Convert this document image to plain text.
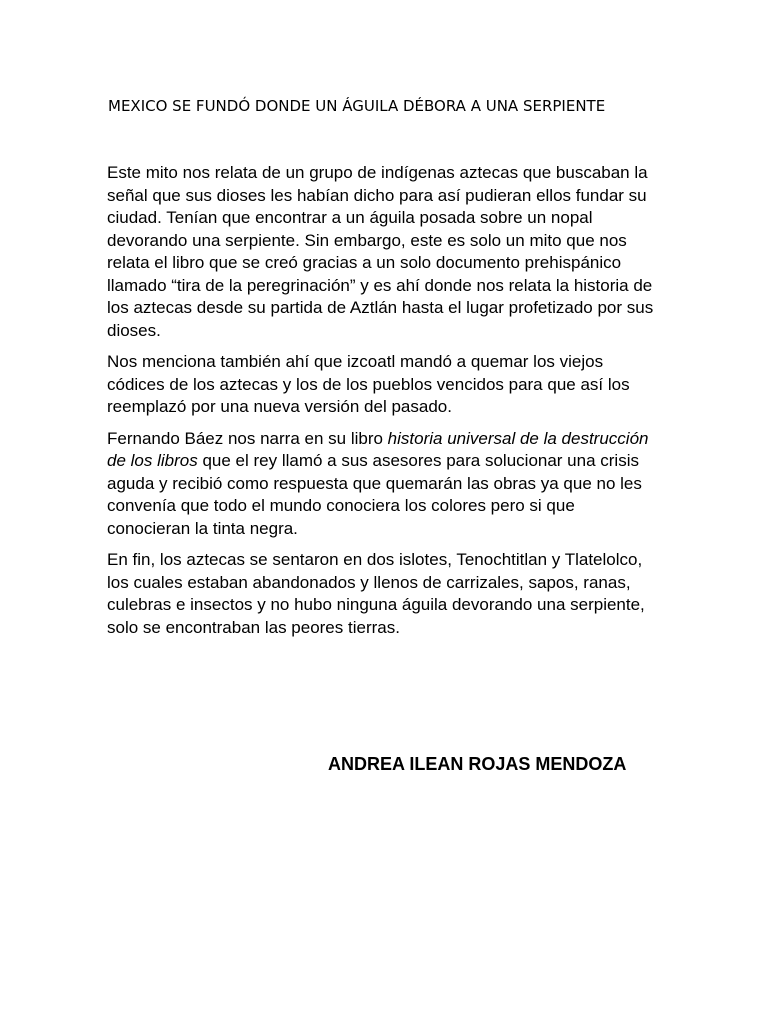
MEXICO SE FUNDÓ DONDE UN ÁGUILA DÉBORA A UNA SERPIENTE

Este mito nos relata de un grupo de indígenas aztecas que buscaban la señal que sus dioses les habían dicho para así pudieran ellos fundar su ciudad. Tenían que encontrar a un águila posada sobre un nopal devorando una serpiente. Sin embargo, este es solo un mito que nos relata el libro que se creó gracias a un solo documento prehispánico llamado “tira de la peregrinación” y es ahí donde nos relata la historia de los aztecas desde su partida de Aztlán hasta el lugar profetizado por sus dioses.

Nos menciona también ahí que izcoatl mandó a quemar los viejos códices de los aztecas y los de los pueblos vencidos para que así los reemplazó por una nueva versión del pasado.

Fernando Báez nos narra en su libro historia universal de la destrucción de los libros que el rey llamó a sus asesores para solucionar una crisis aguda y recibió como respuesta que quemarán las obras ya que no les convenía que todo el mundo conociera los colores pero si que conocieran la tinta negra.

En fin, los aztecas se sentaron en dos islotes, Tenochtitlan y Tlatelolco, los cuales estaban abandonados y llenos de carrizales, sapos, ranas, culebras e insectos y no hubo ninguna águila devorando una serpiente, solo se encontraban las peores tierras.

ANDREA ILEAN ROJAS MENDOZA
